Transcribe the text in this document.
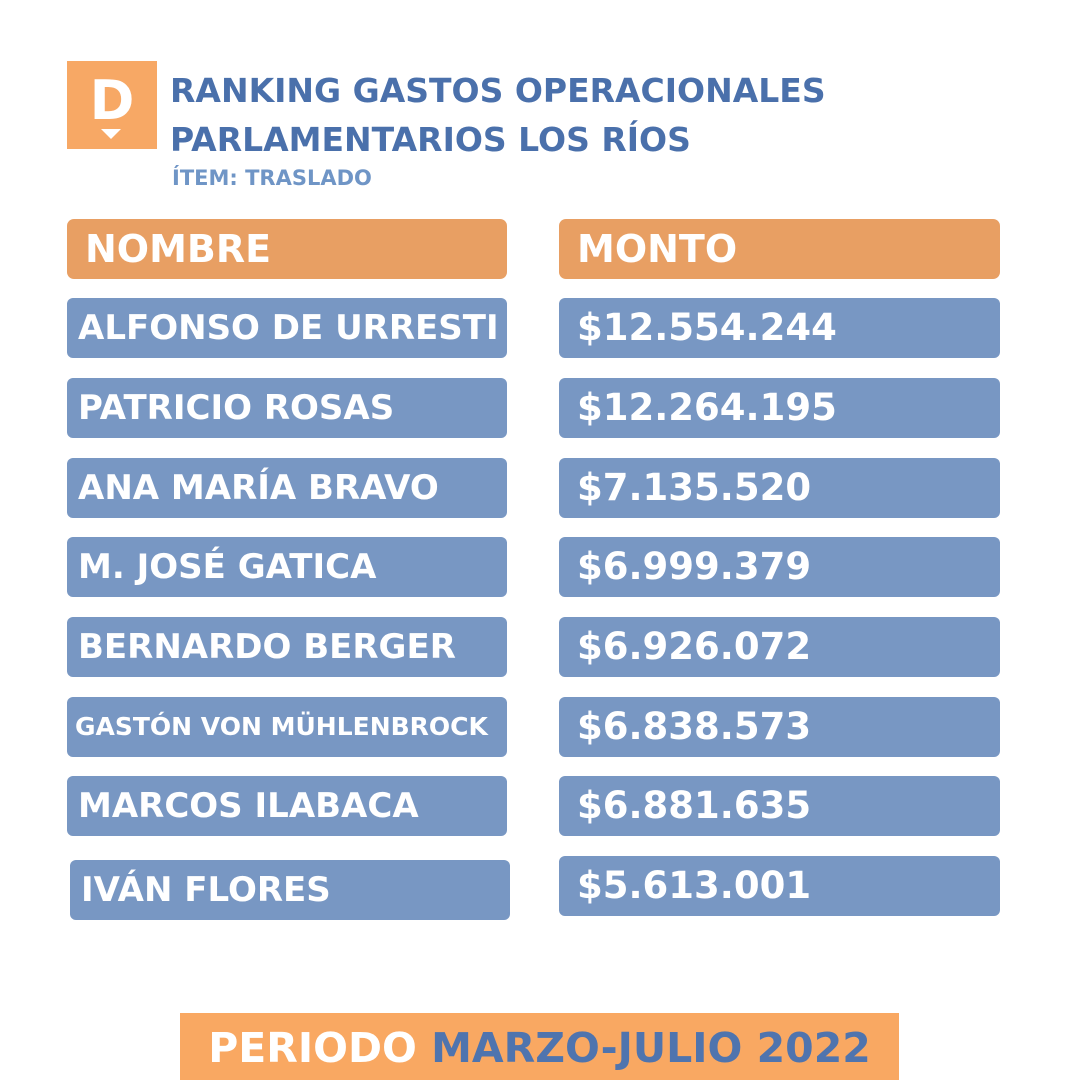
D	RANKING GASTOS OPERACIONALES
PARLAMENTARIOS LOS RÍOS
ÍTEM: TRASLADO
NOMBRE	MONTO
ALFONSO DE URRESTI	$12.554.244
PATRICIO ROSAS	$12.264.195
ANA MARÍA BRAVO	$7.135.520
M. JOSÉ GATICA	$6.999.379
BERNARDO BERGER	$6.926.072
GASTÓN VON MÜHLENBROCK	$6.838.573
MARCOS ILABACA	$6.881.635
IVÁN FLORES	$5.613.001
PERIODO MARZO-JULIO 2022
